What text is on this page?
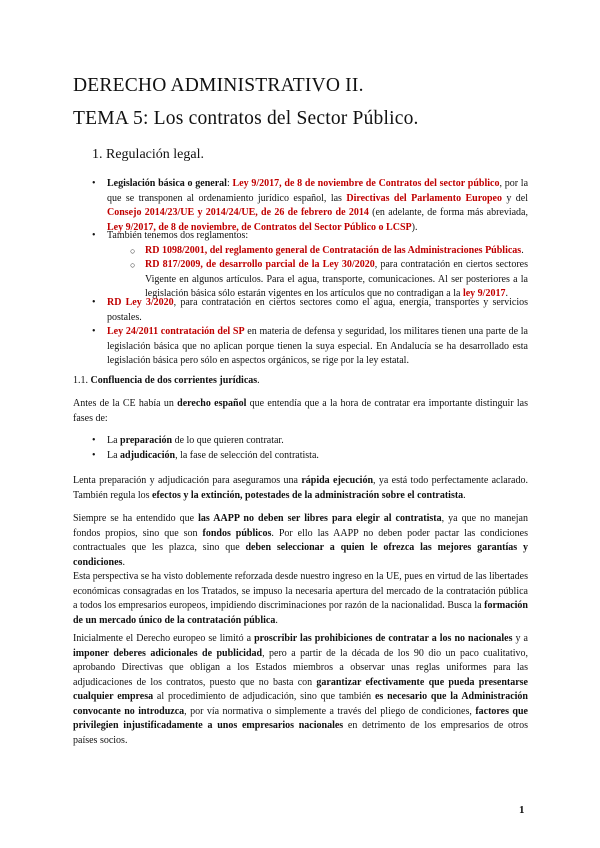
DERECHO ADMINISTRATIVO II.
TEMA 5: Los contratos del Sector Público.
1. Regulación legal.
• Legislación básica o general: Ley 9/2017, de 8 de noviembre de Contratos del sector público, por la que se transponen al ordenamiento jurídico español, las Directivas del Parlamento Europeo y del Consejo 2014/23/UE y 2014/24/UE, de 26 de febrero de 2014 (en adelante, de forma más abreviada, Ley 9/2017, de 8 de noviembre, de Contratos del Sector Público o LCSP).
• También tenemos dos reglamentos:
○ RD 1098/2001, del reglamento general de Contratación de las Administraciones Públicas.
○ RD 817/2009, de desarrollo parcial de la Ley 30/2020, para contratación en ciertos sectores Vigente en algunos artículos. Para el agua, transporte, comunicaciones. Al ser posteriores a la legislación básica sólo estarán vigentes en los artículos que no contradigan a la ley 9/2017.
• RD Ley 3/2020, para contratación en ciertos sectores como el agua, energía, transportes y servicios postales.
• Ley 24/2011 contratación del SP en materia de defensa y seguridad, los militares tienen una parte de la legislación básica que no aplican porque tienen la suya especial. En Andalucía se ha desarrollado esta legislación básica pero sólo en aspectos orgánicos, se rige por la ley estatal.
1.1. Confluencia de dos corrientes jurídicas.
Antes de la CE había un derecho español que entendía que a la hora de contratar era importante distinguir las fases de:
• La preparación de lo que quieren contratar.
• La adjudicación, la fase de selección del contratista.
Lenta preparación y adjudicación para aseguramos una rápida ejecución, ya está todo perfectamente aclarado. También regula los efectos y la extinción, potestades de la administración sobre el contratista.
Siempre se ha entendido que las AAPP no deben ser libres para elegir al contratista, ya que no manejan fondos propios, sino que son fondos públicos. Por ello las AAPP no deben poder pactar las condiciones contractuales que les plazca, sino que deben seleccionar a quien le ofrezca las mejores garantías y condiciones.
Esta perspectiva se ha visto doblemente reforzada desde nuestro ingreso en la UE, pues en virtud de las libertades económicas consagradas en los Tratados, se impuso la necesaria apertura del mercado de la contratación pública a todos los empresarios europeos, impidiendo discriminaciones por razón de la nacionalidad. Busca la formación de un mercado único de la contratación pública.
Inicialmente el Derecho europeo se limitó a proscribir las prohibiciones de contratar a los no nacionales y a imponer deberes adicionales de publicidad, pero a partir de la década de los 90 dio un paco cualitativo, aprobando Directivas que obligan a los Estados miembros a observar unas reglas uniformes para las adjudicaciones de los contratos, puesto que no basta con garantizar efectivamente que pueda presentarse cualquier empresa al procedimiento de adjudicación, sino que también es necesario que la Administración convocante no introduzca, por vía normativa o simplemente a través del pliego de condiciones, factores que privilegien injustificadamente a unos empresarios nacionales en detrimento de los empresarios de otros países socios.
1
